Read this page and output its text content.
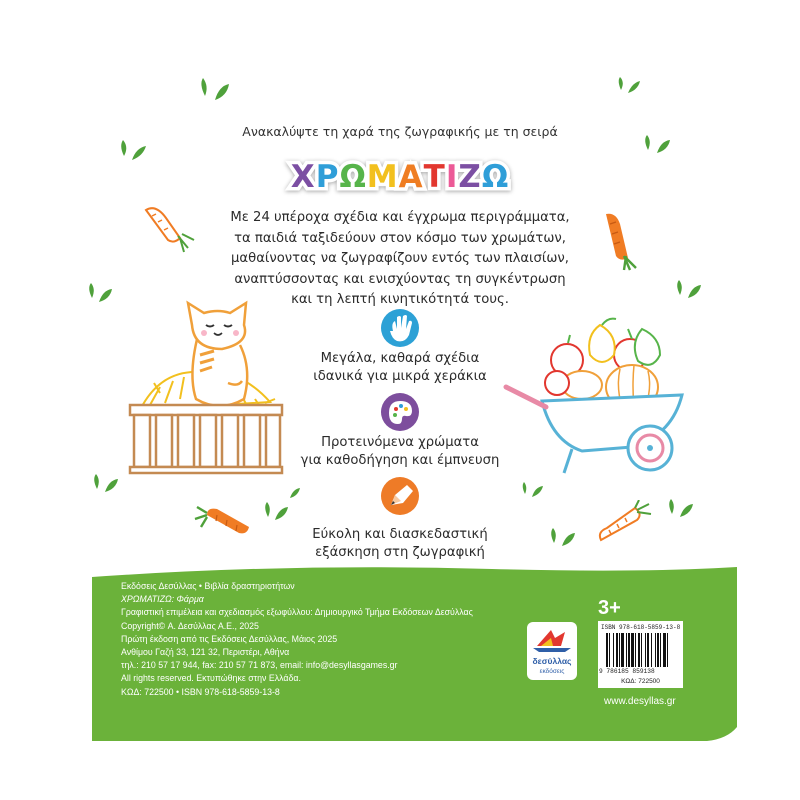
Ανακαλύψτε τη χαρά της ζωγραφικής με τη σειρά
ΧΡΩΜΑΤΙΖΩ
Με 24 υπέροχα σχέδια και έγχρωμα περιγράμματα,
τα παιδιά ταξιδεύουν στον κόσμο των χρωμάτων,
μαθαίνοντας να ζωγραφίζουν εντός των πλαισίων,
αναπτύσσοντας και ενισχύοντας τη συγκέντρωση
και τη λεπτή κινητικότητά τους.
Μεγάλα, καθαρά σχέδια
ιδανικά για μικρά χεράκια
Προτεινόμενα χρώματα
για καθοδήγηση και έμπνευση
Εύκολη και διασκεδαστική
εξάσκηση στη ζωγραφική
Εκδόσεις Δεσύλλας • Βιβλία δραστηριοτήτων
ΧΡΩΜΑΤΙΖΩ: Φάρμα
Γραφιστική επιμέλεια και σχεδιασμός εξωφύλλου: Δημιουργικό Τμήμα Εκδόσεων Δεσύλλας
Copyright© Α. Δεσύλλας Α.Ε., 2025
Πρώτη έκδοση από τις Εκδόσεις Δεσύλλας, Μάιος 2025
Ανθίμου Γαζή 33, 121 32, Περιστέρι, Αθήνα
τηλ.: 210 57 17 944, fax: 210 57 71 873, email: info@desyllasgames.gr
All rights reserved. Εκτυπώθηκε στην Ελλάδα.
ΚΩΔ: 722500 • ISBN 978-618-5859-13-8
3+
δεσύλλας
εκδόσεις
ISBN 978-618-5859-13-8
9 786185 859138
ΚΩΔ: 722500
www.desyllas.gr
